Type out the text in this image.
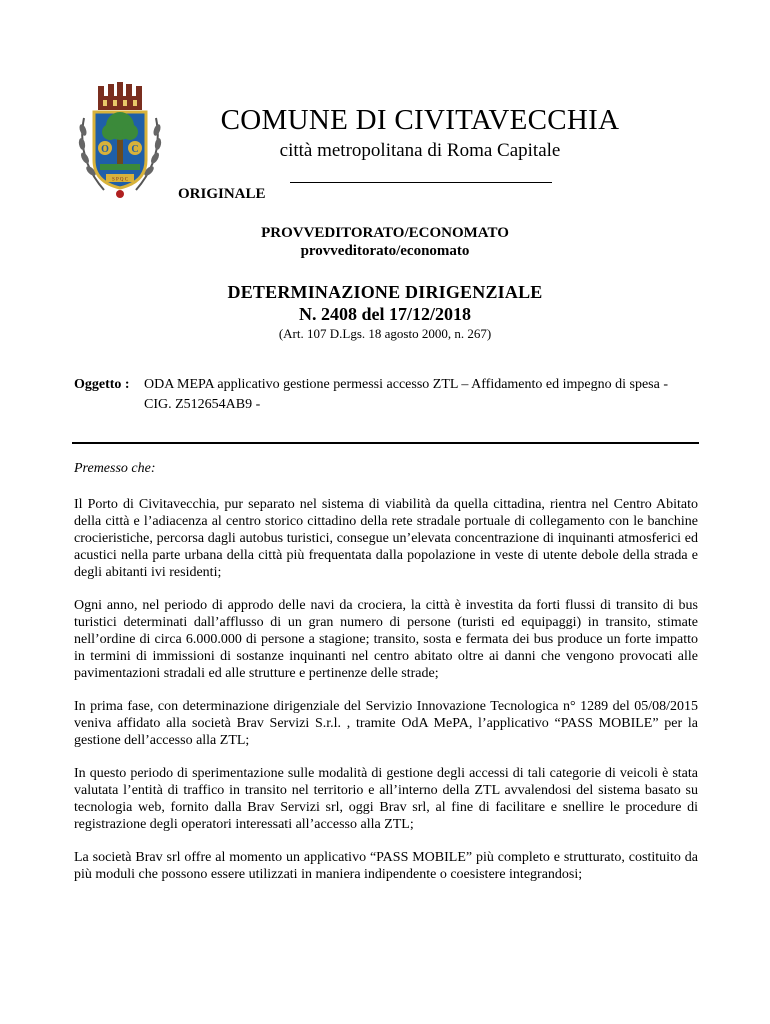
O C
S P Q C
COMUNE DI CIVITAVECCHIA
città metropolitana di Roma Capitale
ORIGINALE
PROVVEDITORATO/ECONOMATO
provveditorato/economato
DETERMINAZIONE DIRIGENZIALE
N. 2408 del 17/12/2018
(Art. 107 D.Lgs. 18 agosto 2000, n. 267)
Oggetto :	ODA MEPA applicativo gestione permessi accesso ZTL – Affidamento ed impegno di spesa - CIG. Z512654AB9 -
Premesso che:

Il Porto di Civitavecchia, pur separato nel sistema di viabilità da quella cittadina, rientra nel Centro Abitato della città e l’adiacenza al centro storico cittadino della rete stradale portuale di collegamento con le banchine crocieristiche, percorsa dagli autobus turistici, consegue un’elevata concentrazione di inquinanti atmosferici ed acustici nella parte urbana della città più frequentata dalla popolazione in veste di utente debole della strada e degli abitanti ivi residenti;

Ogni anno, nel periodo di approdo delle navi da crociera, la città è investita da forti flussi di transito di bus turistici determinati dall’afflusso di un gran numero di persone (turisti ed equipaggi) in transito, stimate nell’ordine di circa 6.000.000 di persone a stagione; transito, sosta e fermata dei bus produce un forte impatto in termini di immissioni di sostanze inquinanti nel centro abitato oltre ai danni che vengono provocati alle pavimentazioni stradali ed alle strutture e pertinenze delle strade;

In prima fase, con determinazione dirigenziale del Servizio Innovazione Tecnologica n° 1289 del 05/08/2015 veniva affidato alla società Brav Servizi S.r.l. , tramite OdA MePA, l’applicativo “PASS MOBILE” per la gestione dell’accesso alla ZTL;

In questo periodo di sperimentazione sulle modalità di gestione degli accessi di tali categorie di veicoli è stata valutata l’entità di traffico in transito nel territorio e all’interno della ZTL avvalendosi del sistema basato su tecnologia web, fornito dalla Brav Servizi srl, oggi Brav srl, al fine di facilitare e snellire le procedure di registrazione degli operatori interessati all’accesso alla ZTL;

La società Brav srl offre al momento un applicativo “PASS MOBILE” più completo e strutturato, costituito da più moduli che possono essere utilizzati in maniera indipendente o coesistere integrandosi;
